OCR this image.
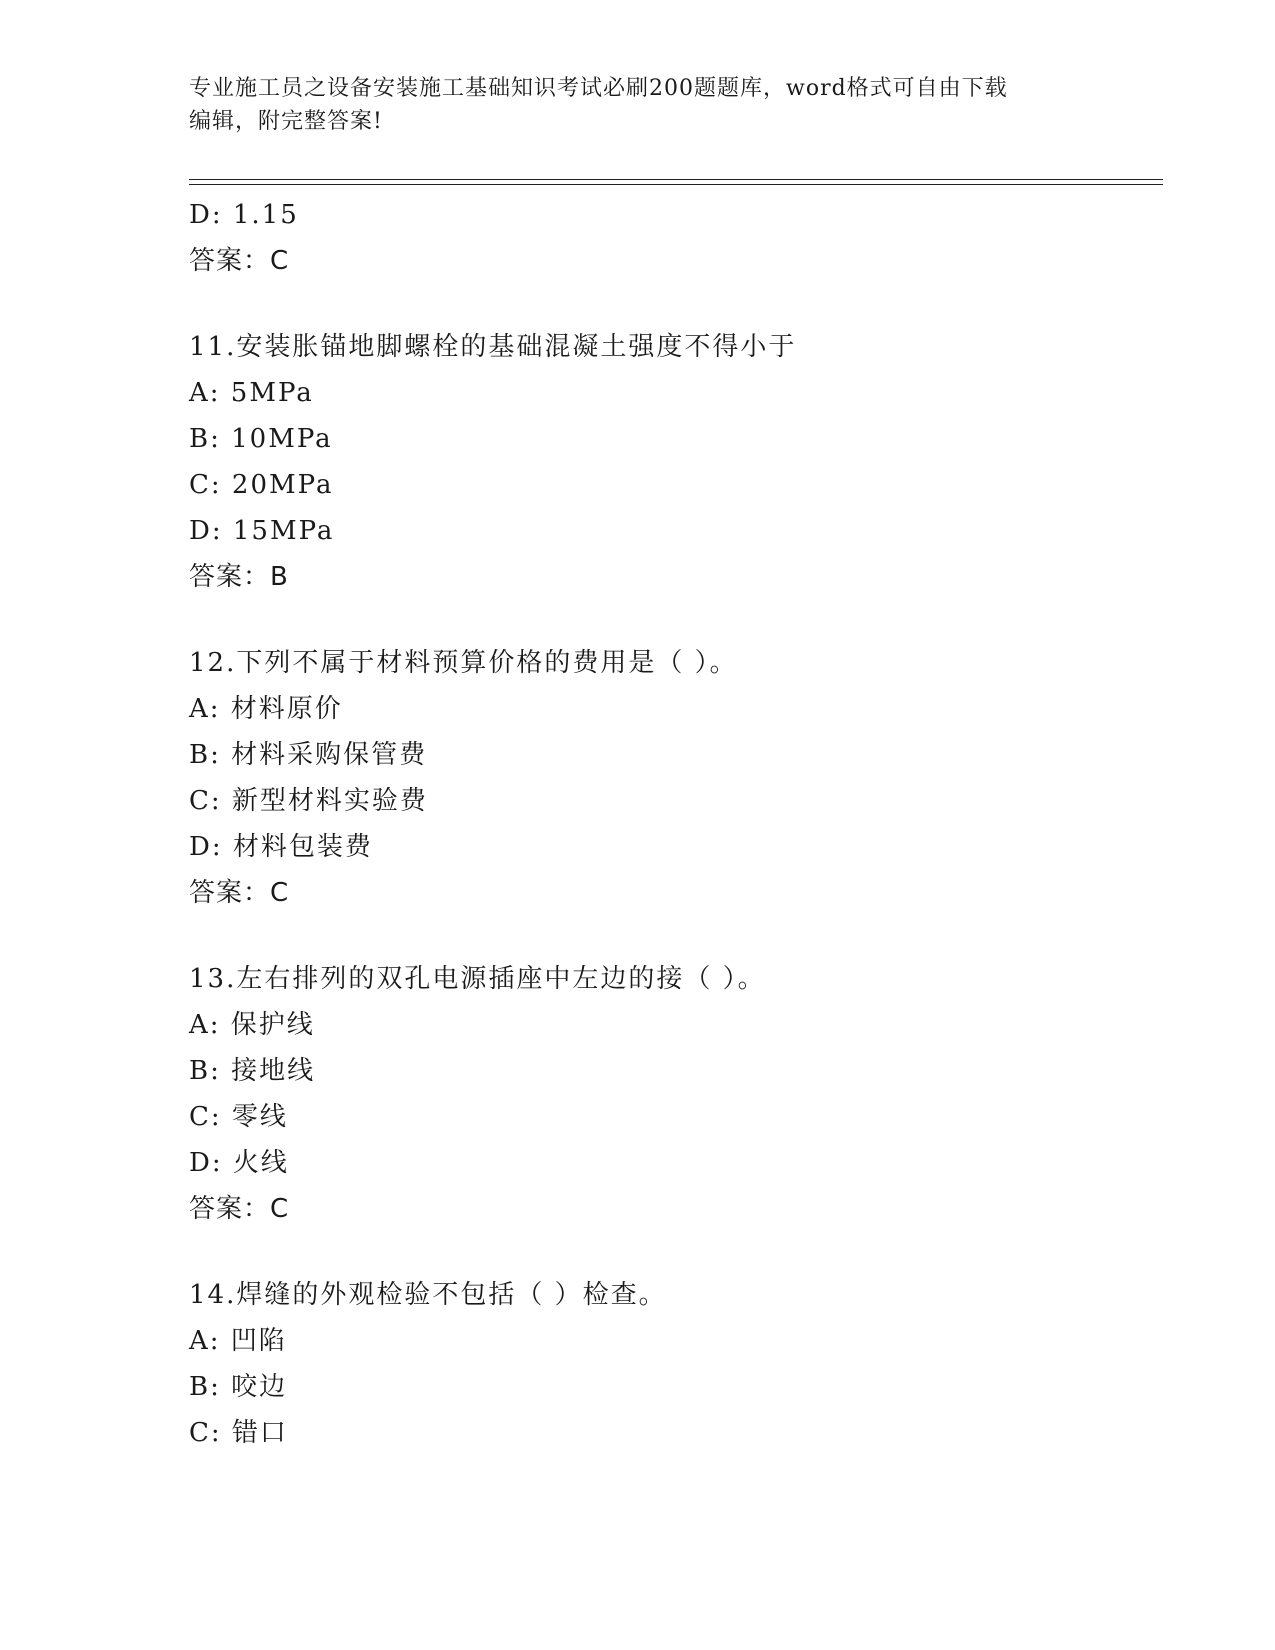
专业施工员之设备安装施工基础知识考试必刷200题题库，word格式可自由下载
编辑，附完整答案!
D: 1.15
答案：C
11.安装胀锚地脚螺栓的基础混凝土强度不得小于
A: 5MPa
B: 10MPa
C: 20MPa
D: 15MPa
答案：B
12.下列不属于材料预算价格的费用是（ ）。
A: 材料原价
B: 材料采购保管费
C: 新型材料实验费
D: 材料包装费
答案：C
13.左右排列的双孔电源插座中左边的接（ ）。
A: 保护线
B: 接地线
C: 零线
D: 火线
答案：C
14.焊缝的外观检验不包括（ ）检查。
A: 凹陷
B: 咬边
C: 错口
